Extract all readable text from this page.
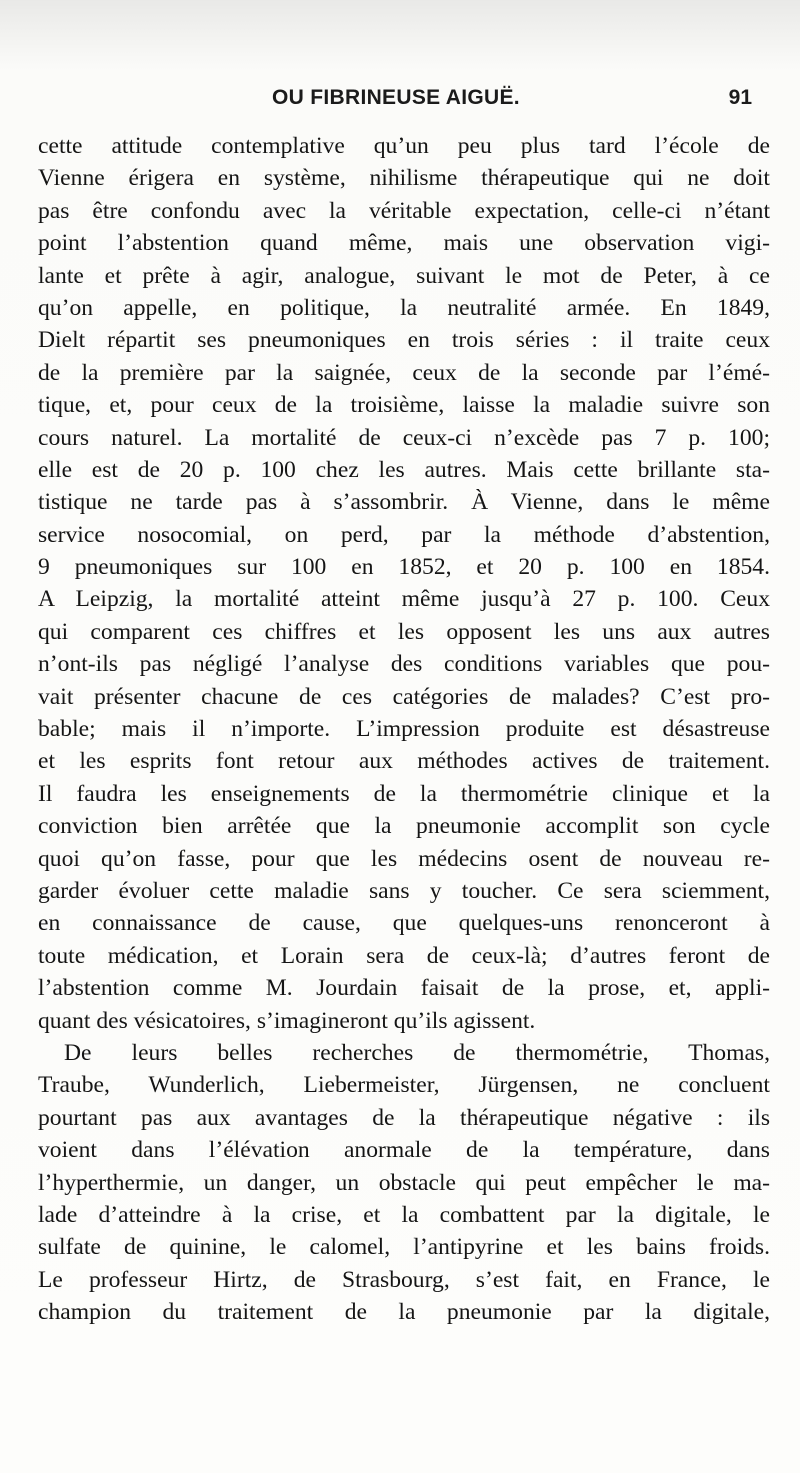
OU FIBRINEUSE AIGUË.	91
cette attitude contemplative qu’un peu plus tard l’école de
Vienne érigera en système, nihilisme thérapeutique qui ne doit
pas être confondu avec la véritable expectation, celle-ci n’étant
point l’abstention quand même, mais une observation vigi-
lante et prête à agir, analogue, suivant le mot de Peter, à ce
qu’on appelle, en politique, la neutralité armée. En 1849,
Dielt répartit ses pneumoniques en trois séries : il traite ceux
de la première par la saignée, ceux de la seconde par l’émé-
tique, et, pour ceux de la troisième, laisse la maladie suivre son
cours naturel. La mortalité de ceux-ci n’excède pas 7 p. 100;
elle est de 20 p. 100 chez les autres. Mais cette brillante sta-
tistique ne tarde pas à s’assombrir. À Vienne, dans le même
service nosocomial, on perd, par la méthode d’abstention,
9 pneumoniques sur 100 en 1852, et 20 p. 100 en 1854.
A Leipzig, la mortalité atteint même jusqu’à 27 p. 100. Ceux
qui comparent ces chiffres et les opposent les uns aux autres
n’ont-ils pas négligé l’analyse des conditions variables que pou-
vait présenter chacune de ces catégories de malades? C’est pro-
bable; mais il n’importe. L’impression produite est désastreuse
et les esprits font retour aux méthodes actives de traitement.
Il faudra les enseignements de la thermométrie clinique et la
conviction bien arrêtée que la pneumonie accomplit son cycle
quoi qu’on fasse, pour que les médecins osent de nouveau re-
garder évoluer cette maladie sans y toucher. Ce sera sciemment,
en connaissance de cause, que quelques-uns renonceront à
toute médication, et Lorain sera de ceux-là; d’autres feront de
l’abstention comme M. Jourdain faisait de la prose, et, appli-
quant des vésicatoires, s’imagineront qu’ils agissent.
De leurs belles recherches de thermométrie, Thomas,
Traube, Wunderlich, Liebermeister, Jürgensen, ne concluent
pourtant pas aux avantages de la thérapeutique négative : ils
voient dans l’élévation anormale de la température, dans
l’hyperthermie, un danger, un obstacle qui peut empêcher le ma-
lade d’atteindre à la crise, et la combattent par la digitale, le
sulfate de quinine, le calomel, l’antipyrine et les bains froids.
Le professeur Hirtz, de Strasbourg, s’est fait, en France, le
champion du traitement de la pneumonie par la digitale,
